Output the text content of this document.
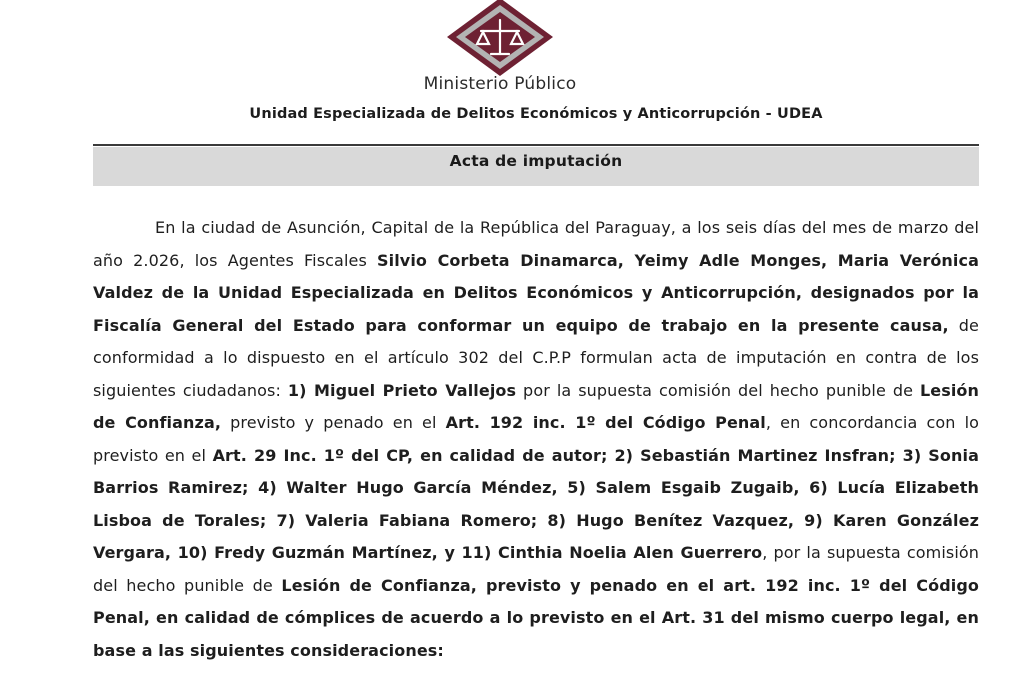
Ministerio Público
Unidad Especializada de Delitos Económicos y Anticorrupción - UDEA
Acta de imputación

En la ciudad de Asunción, Capital de la República del Paraguay, a los seis días del mes de marzo del año 2.026, los Agentes Fiscales Silvio Corbeta Dinamarca, Yeimy Adle Monges, Maria Verónica Valdez de la Unidad Especializada en Delitos Económicos y Anticorrupción, designados por la Fiscalía General del Estado para conformar un equipo de trabajo en la presente causa, de conformidad a lo dispuesto en el artículo 302 del C.P.P formulan acta de imputación en contra de los siguientes ciudadanos: 1) Miguel Prieto Vallejos por la supuesta comisión del hecho punible de Lesión de Confianza, previsto y penado en el Art. 192 inc. 1º del Código Penal, en concordancia con lo previsto en el Art. 29 Inc. 1º del CP, en calidad de autor; 2) Sebastián Martinez Insfran; 3) Sonia Barrios Ramirez; 4) Walter Hugo García Méndez, 5) Salem Esgaib Zugaib, 6) Lucía Elizabeth Lisboa de Torales; 7) Valeria Fabiana Romero; 8) Hugo Benítez Vazquez, 9) Karen González Vergara, 10) Fredy Guzmán Martínez, y 11) Cinthia Noelia Alen Guerrero, por la supuesta comisión del hecho punible de Lesión de Confianza, previsto y penado en el art. 192 inc. 1º del Código Penal, en calidad de cómplices de acuerdo a lo previsto en el Art. 31 del mismo cuerpo legal, en base a las siguientes consideraciones:
